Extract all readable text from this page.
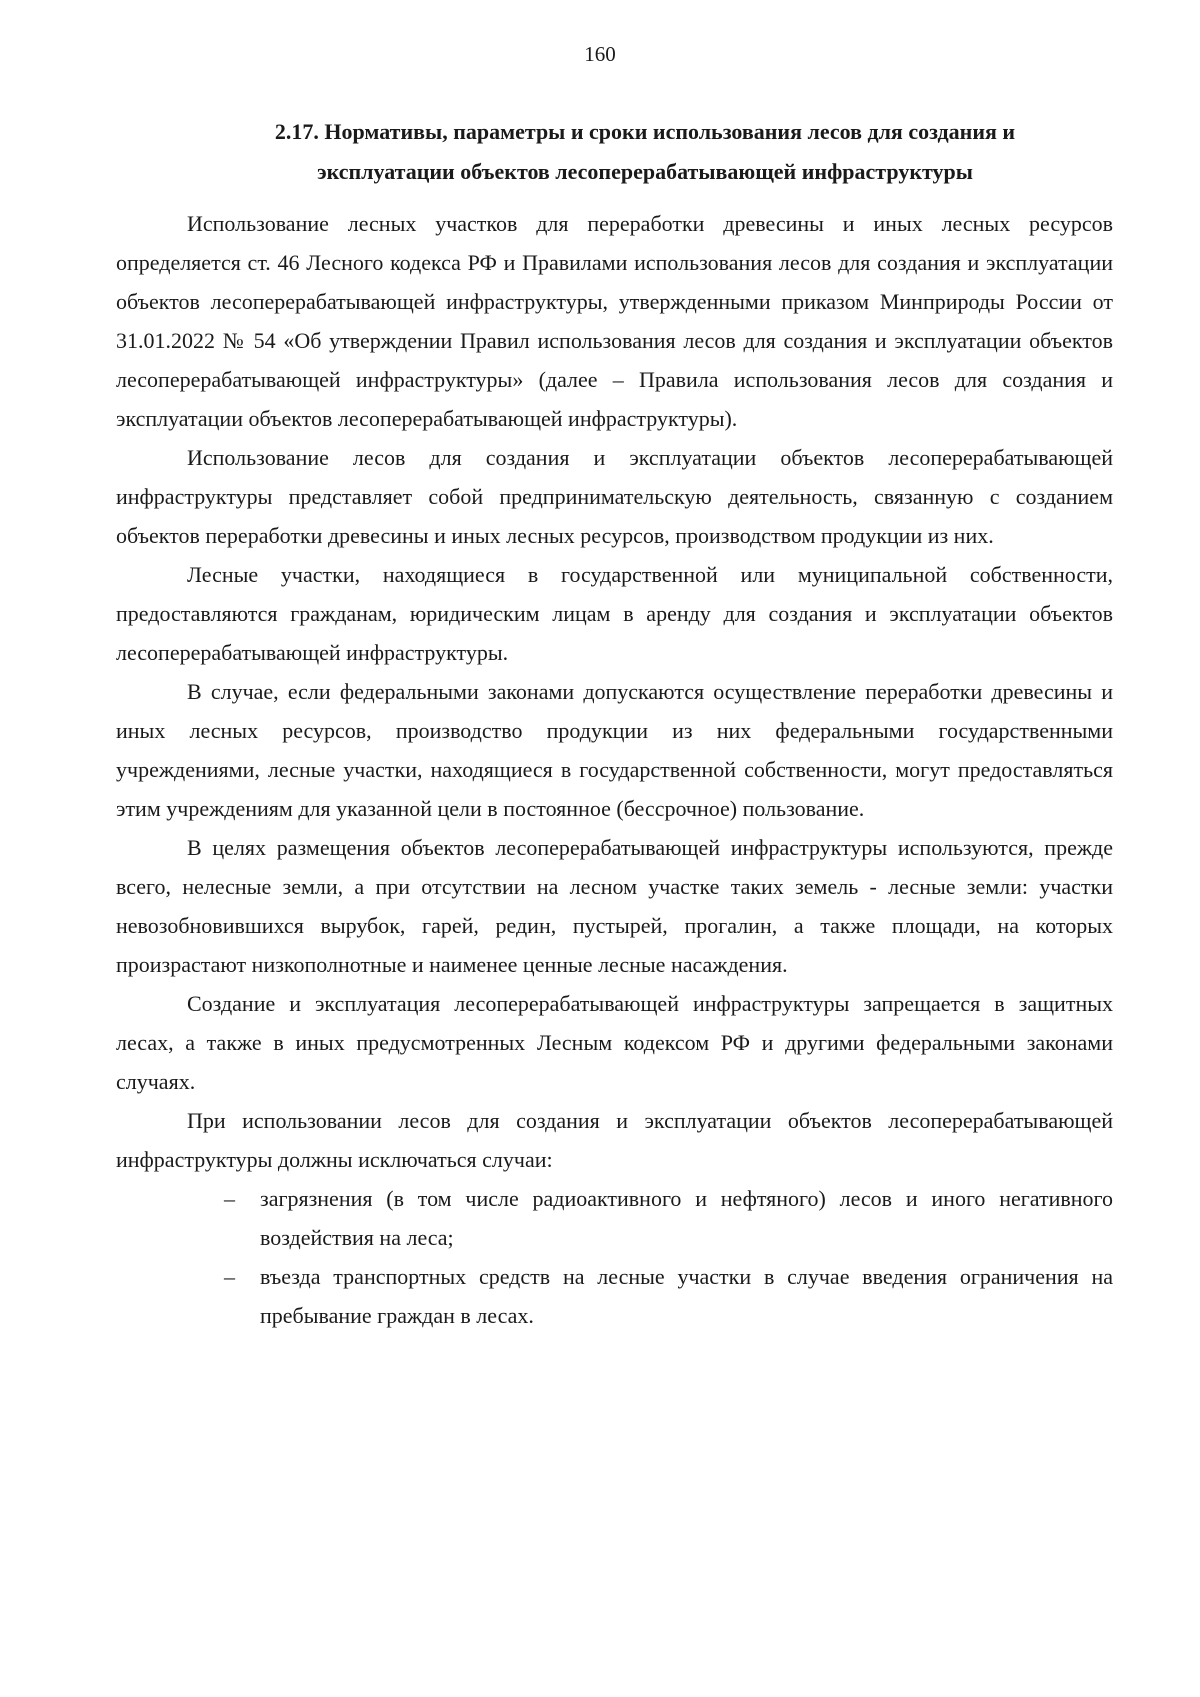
160
2.17. Нормативы, параметры и сроки использования лесов для создания и
эксплуатации объектов лесоперерабатывающей инфраструктуры

Использование лесных участков для переработки древесины и иных лесных ресурсов определяется ст. 46 Лесного кодекса РФ и Правилами использования лесов для создания и эксплуатации объектов лесоперерабатывающей инфраструктуры, утвержденными приказом Минприроды России от 31.01.2022 № 54 «Об утверждении Правил использования лесов для создания и эксплуатации объектов лесоперерабатывающей инфраструктуры» (далее – Правила использования лесов для создания и эксплуатации объектов лесоперерабатывающей инфраструктуры).

Использование лесов для создания и эксплуатации объектов лесоперерабатывающей инфраструктуры представляет собой предпринимательскую деятельность, связанную с созданием объектов переработки древесины и иных лесных ресурсов, производством продукции из них.

Лесные участки, находящиеся в государственной или муниципальной собственности, предоставляются гражданам, юридическим лицам в аренду для создания и эксплуатации объектов лесоперерабатывающей инфраструктуры.

В случае, если федеральными законами допускаются осуществление переработки древесины и иных лесных ресурсов, производство продукции из них федеральными государственными учреждениями, лесные участки, находящиеся в государственной собственности, могут предоставляться этим учреждениям для указанной цели в постоянное (бессрочное) пользование.

В целях размещения объектов лесоперерабатывающей инфраструктуры используются, прежде всего, нелесные земли, а при отсутствии на лесном участке таких земель - лесные земли: участки невозобновившихся вырубок, гарей, редин, пустырей, прогалин, а также площади, на которых произрастают низкополнотные и наименее ценные лесные насаждения.

Создание и эксплуатация лесоперерабатывающей инфраструктуры запрещается в защитных лесах, а также в иных предусмотренных Лесным кодексом РФ и другими федеральными законами случаях.

При использовании лесов для создания и эксплуатации объектов лесоперерабатывающей инфраструктуры должны исключаться случаи:

– загрязнения (в том числе радиоактивного и нефтяного) лесов и иного негативного воздействия на леса;
– въезда транспортных средств на лесные участки в случае введения ограничения на пребывание граждан в лесах.
